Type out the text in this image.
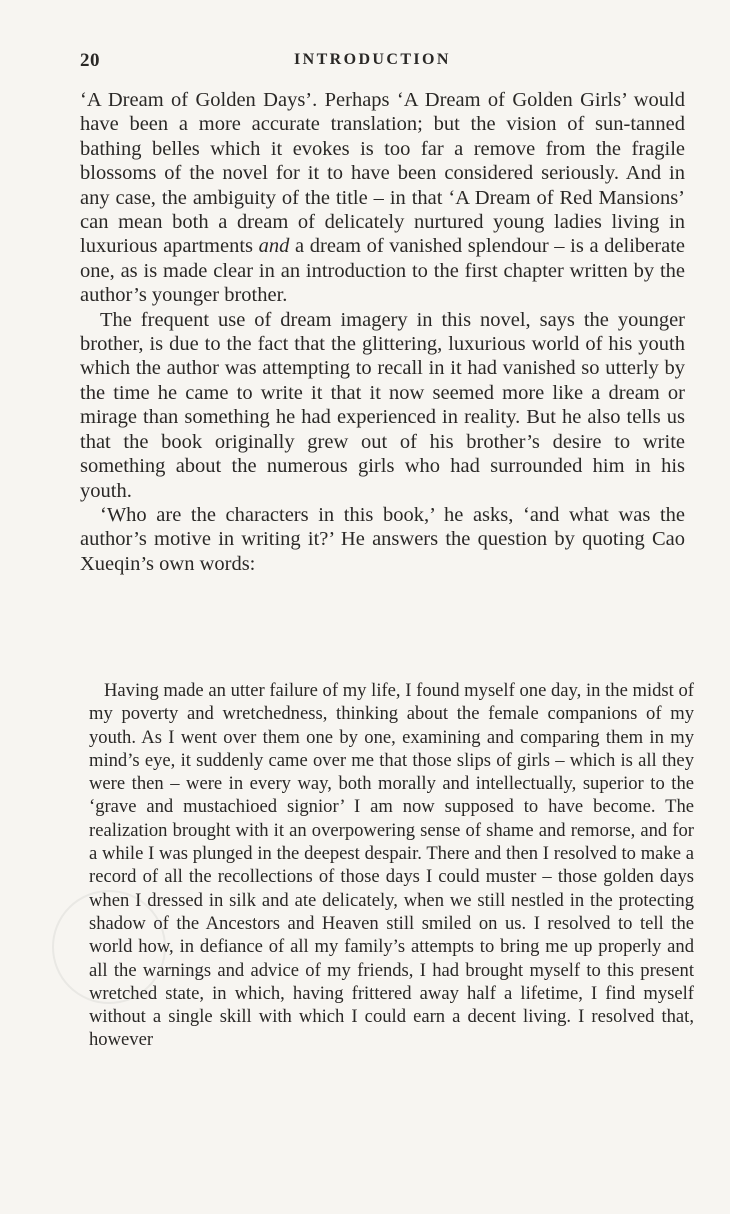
20	INTRODUCTION

‘A Dream of Golden Days’. Perhaps ‘A Dream of Golden Girls’ would have been a more accurate translation; but the vision of sun-tanned bathing belles which it evokes is too far a remove from the fragile blossoms of the novel for it to have been considered seriously. And in any case, the ambiguity of the title – in that ‘A Dream of Red Mansions’ can mean both a dream of delicately nurtured young ladies living in luxurious apartments and a dream of vanished splendour – is a deliberate one, as is made clear in an introduction to the first chapter written by the author’s younger brother.

The frequent use of dream imagery in this novel, says the younger brother, is due to the fact that the glittering, luxurious world of his youth which the author was attempting to recall in it had vanished so utterly by the time he came to write it that it now seemed more like a dream or mirage than something he had experienced in reality. But he also tells us that the book originally grew out of his brother’s desire to write something about the numerous girls who had surrounded him in his youth.

‘Who are the characters in this book,’ he asks, ‘and what was the author’s motive in writing it?’ He answers the question by quoting Cao Xueqin’s own words:

Having made an utter failure of my life, I found myself one day, in the midst of my poverty and wretchedness, thinking about the female companions of my youth. As I went over them one by one, examining and comparing them in my mind’s eye, it suddenly came over me that those slips of girls – which is all they were then – were in every way, both morally and intellectually, superior to the ‘grave and mustachioed signior’ I am now supposed to have become. The realization brought with it an overpowering sense of shame and remorse, and for a while I was plunged in the deepest despair. There and then I resolved to make a record of all the recollections of those days I could muster – those golden days when I dressed in silk and ate delicately, when we still nestled in the protecting shadow of the Ancestors and Heaven still smiled on us. I resolved to tell the world how, in defiance of all my family’s attempts to bring me up properly and all the warnings and advice of my friends, I had brought myself to this present wretched state, in which, having frittered away half a lifetime, I find myself without a single skill with which I could earn a decent living. I resolved that, however
